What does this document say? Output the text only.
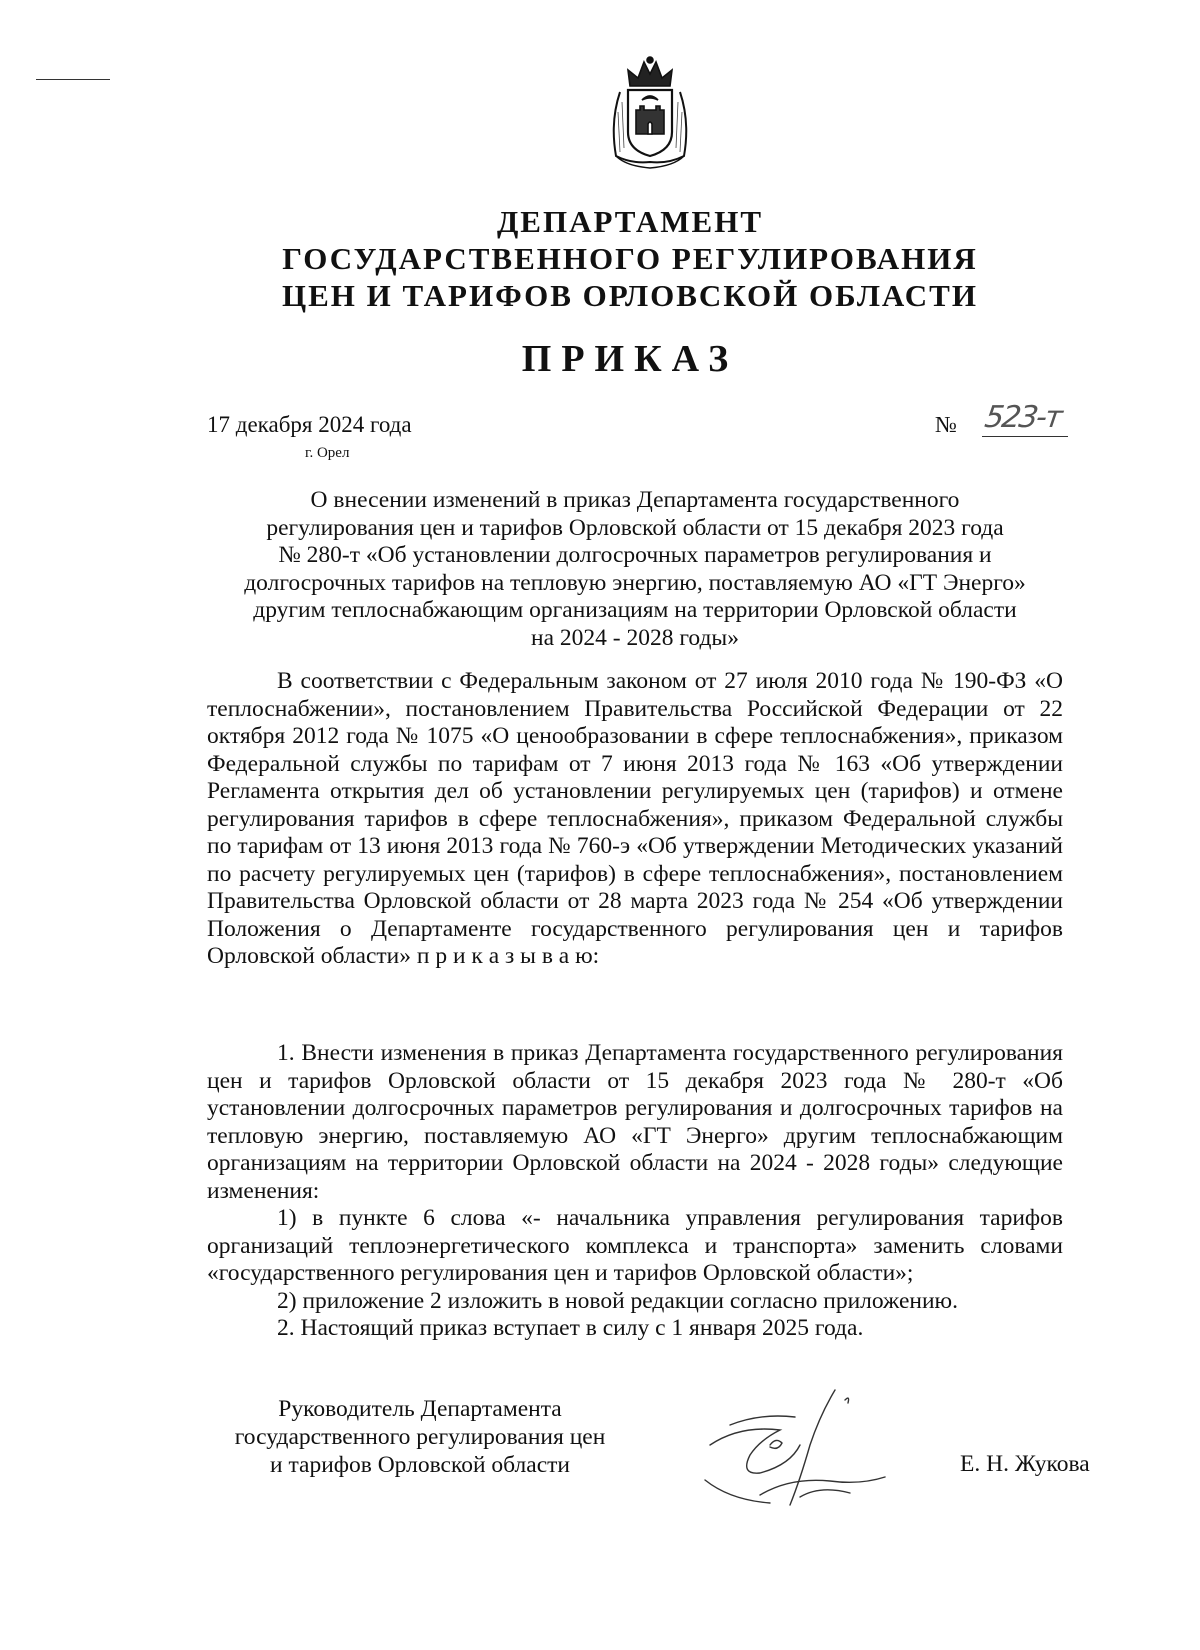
ДЕПАРТАМЕНТ
ГОСУДАРСТВЕННОГО РЕГУЛИРОВАНИЯ
ЦЕН И ТАРИФОВ ОРЛОВСКОЙ ОБЛАСТИ
ПРИКАЗ
17 декабря 2024 года
г. Орел
№ 523-т
О внесении изменений в приказ Департамента государственного
регулирования цен и тарифов Орловской области от 15 декабря 2023 года
№ 280-т «Об установлении долгосрочных параметров регулирования и
долгосрочных тарифов на тепловую энергию, поставляемую АО «ГТ Энерго»
другим теплоснабжающим организациям на территории Орловской области
на 2024 - 2028 годы»
В соответствии с Федеральным законом от 27 июля 2010 года № 190-ФЗ «О теплоснабжении», постановлением Правительства Российской Федерации от 22 октября 2012 года № 1075 «О ценообразовании в сфере теплоснабжения», приказом Федеральной службы по тарифам от 7 июня 2013 года № 163 «Об утверждении Регламента открытия дел об установлении регулируемых цен (тарифов) и отмене регулирования тарифов в сфере теплоснабжения», приказом Федеральной службы по тарифам от 13 июня 2013 года № 760-э «Об утверждении Методических указаний по расчету регулируемых цен (тарифов) в сфере теплоснабжения», постановлением Правительства Орловской области от 28 марта 2023 года № 254 «Об утверждении Положения о Департаменте государственного регулирования цен и тарифов Орловской области» п р и к а з ы в а ю:

1. Внести изменения в приказ Департамента государственного регулирования цен и тарифов Орловской области от 15 декабря 2023 года № 280-т «Об установлении долгосрочных параметров регулирования и долгосрочных тарифов на тепловую энергию, поставляемую АО «ГТ Энерго» другим теплоснабжающим организациям на территории Орловской области на 2024 - 2028 годы» следующие изменения:

1) в пункте 6 слова «- начальника управления регулирования тарифов организаций теплоэнергетического комплекса и транспорта» заменить словами «государственного регулирования цен и тарифов Орловской области»;

2) приложение 2 изложить в новой редакции согласно приложению.

2. Настоящий приказ вступает в силу с 1 января 2025 года.

Руководитель Департамента
государственного регулирования цен
и тарифов Орловской области	Е. Н. Жукова
